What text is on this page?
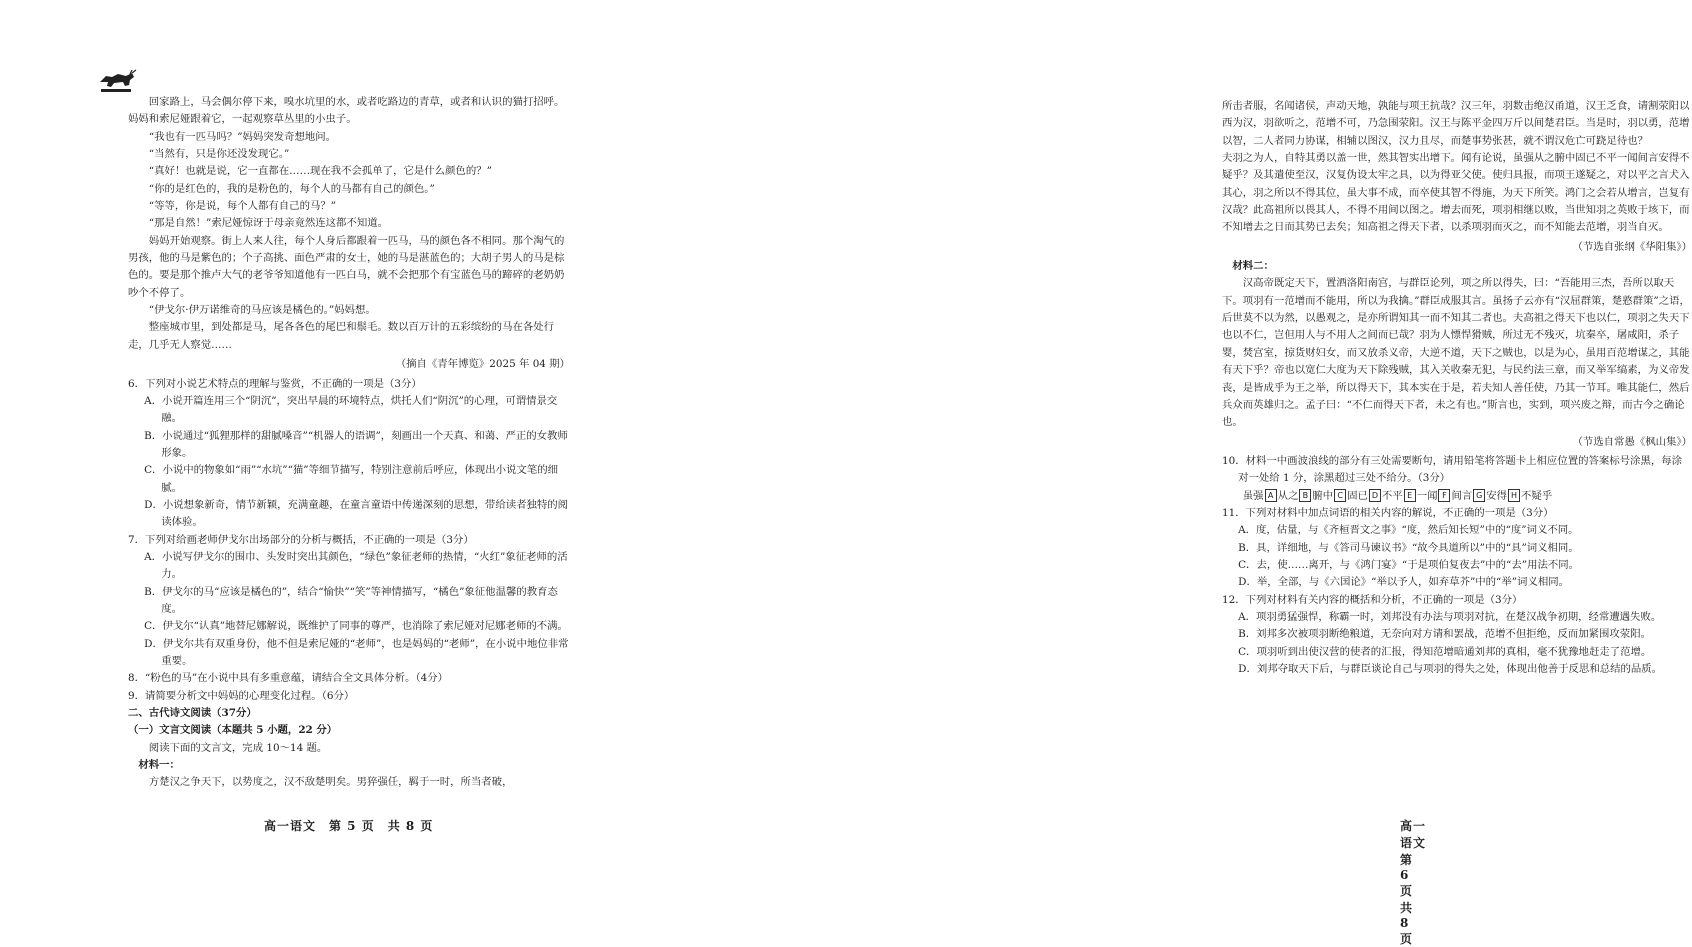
回家路上，马会偶尔停下来，嗅水坑里的水，或者吃路边的青草，或者和认识的猫打招呼。妈妈和索尼娅跟着它，一起观察草丛里的小虫子。

“我也有一匹马吗？”妈妈突发奇想地问。

“当然有，只是你还没发现它。”

“真好！也就是说，它一直都在……现在我不会孤单了，它是什么颜色的？”

“你的是红色的，我的是粉色的，每个人的马都有自己的颜色。”

“等等，你是说，每个人都有自己的马？”

“那是自然！”索尼娅惊讶于母亲竟然连这都不知道。

妈妈开始观察。街上人来人往，每个人身后都跟着一匹马，马的颜色各不相同。那个淘气的男孩，他的马是紫色的；个子高挑、面色严肃的女士，她的马是湛蓝色的；大胡子男人的马是棕色的。要是那个推卢大气的老爷爷知道他有一匹白马，就不会把那个有宝蓝色马的蹄碎的老奶奶吵个不停了。

“伊戈尔·伊万诺维奇的马应该是橘色的。”妈妈想。

整座城市里，到处都是马，尾各各色的尾巴和鬃毛。数以百万计的五彩缤纷的马在各处行走，几乎无人察觉……

（摘自《青年博览》2025 年 04 期）

6．下列对小说艺术特点的理解与鉴赏，不正确的一项是（3分）

A．小说开篇连用三个“阴沉”，突出早晨的环境特点，烘托人们“阴沉”的心理，可谓情景交融。

B．小说通过“狐狸那样的甜腻嗓音”“机器人的语调”，刻画出一个天真、和蔼、严正的女教师形象。

C．小说中的物象如“雨”“水坑”“猫”等细节描写，特别注意前后呼应，体现出小说文笔的细腻。

D．小说想象新奇，情节新颖，充满童趣，在童言童语中传递深刻的思想，带给读者独特的阅读体验。

7．下列对给画老师伊戈尔出场部分的分析与概括，不正确的一项是（3分）

A．小说写伊戈尔的围巾、头发时突出其颜色，“绿色”象征老师的热情，“火红”象征老师的活力。

B．伊戈尔的马“应该是橘色的”，结合“愉快”“笑”等神情描写，“橘色”象征他温馨的教育态度。

C．伊戈尔“认真”地替尼娜解说，既维护了同事的尊严，也消除了索尼娅对尼娜老师的不满。

D．伊戈尔共有双重身份，他不但是索尼娅的“老师”，也是妈妈的“老师”，在小说中地位非常重要。

8．“粉色的马”在小说中具有多重意蕴，请结合全文具体分析。（4分）

9．请简要分析文中妈妈的心理变化过程。（6分）

二、古代诗文阅读（37分）

（一）文言文阅读（本题共 5 小题，22 分）

阅读下面的文言文，完成 10～14 题。

材料一：

方楚汉之争天下，以势度之，汉不敌楚明矣。男猝强任，羁于一时，所当者破，

高一语文　第 5 页　共 8 页

所击者服，名闻诸侯，声动天地，孰能与项王抗哉？汉三年，羽数击绝汉甬道，汉王乏食，请割荥阳以西为汉，羽欲听之，范增不可，乃急围荥阳。汉王与陈平金四万斤以间楚君臣。当是时，羽以勇，范增以智，二人者同力协谋，相辅以图汉，汉力且尽，而楚事势张甚，就不谓汉危亡可跷足待也？

夫羽之为人，自特其勇以盖一世，然其智实出增下。闻有论说，虽强从之腑中固已不平一闻间言安得不疑乎？及其遣使至汉，汉复伪设太牢之具，以为得亚父使。使归具报，而项王遂疑之，对以平之言犬入其心，羽之所以不得其位，虽大事不成，而卒使其智不得施，为天下所笑。鸿门之会若从增言，岂复有汉哉？此高祖所以畏其人，不得不用间以图之。增去而死，项羽相继以败，当世知羽之英败于垓下，而不知增去之日而其势已去矣；知高祖之得天下者，以杀项羽而灭之，而不知能去范增，羽当自灭。

（节选自张纲《华阳集》）

材料二：

汉高帝既定天下，置酒洛阳南宫，与群臣论列，项之所以得失，曰：“吾能用三杰，吾所以取天下。项羽有一范增而不能用，所以为我擒。”群臣成服其言。虽扬子云亦有“汉屈群策，楚憝群策”之语，后世莫不以为然，以愚观之，是亦所谓知其一而不知其二者也。夫高祖之得天下也以仁，项羽之失天下也以不仁，岂但用人与不用人之间而已哉？羽为人慓悍猾贼，所过无不残灭，坑秦卒，屠咸阳，杀子婴，焚宫室，掠货财妇女，而又放杀义帝，大逆不道，天下之贼也，以是为心，虽用百范增谋之，其能有天下乎？帝也以宽仁大度为天下除残贼，其入关收秦无犯，与民约法三章，而又举军缟素，为义帝发丧，是皆成乎为王之举，所以得天下，其本实在于是，若夫知人善任使，乃其一节耳。唯其能仁，然后兵众而英雄归之。孟子曰：“不仁而得天下者，未之有也。”斯言也，实到，项兴废之辩，而古今之确论也。

（节选自常愚《枫山集》）

10．材料一中画波浪线的部分有三处需要断句，请用铅笔将答题卡上相应位置的答案标号涂黑，每涂对一处给 1 分，涂黑超过三处不给分。（3分）

虽强 A 从之 B 腑中 C 固已 D 不平 E 一闻 F 间言 G 安得 H 不疑乎

11．下列对材料中加点词语的相关内容的解说，不正确的一项是（3分）

A．度，估量，与《齐桓晋文之事》“度，然后知长短”中的“度”词义不同。

B．具，详细地，与《答司马谏议书》“故今具道所以”中的“具”词义相同。

C．去，使……离开，与《鸿门宴》“于是项伯复夜去”中的“去”用法不同。

D．举，全部，与《六国论》“举以予人，如弃草芥”中的“举”词义相同。

12．下列对材料有关内容的概括和分析，不正确的一项是（3分）

A．项羽勇猛强悍，称霸一时，刘邦没有办法与项羽对抗，在楚汉战争初期，经常遭遇失败。

B．刘邦多次被项羽断绝粮道，无奈向对方请和罢战，范增不但拒绝，反而加紧围攻荥阳。

C．项羽听到出使汉营的使者的汇报，得知范增暗通刘邦的真相，毫不犹豫地赶走了范增。

D．刘邦夺取天下后，与群臣谈论自己与项羽的得失之处，体现出他善于反思和总结的品质。

高一语文　第 6 页　共 8 页
